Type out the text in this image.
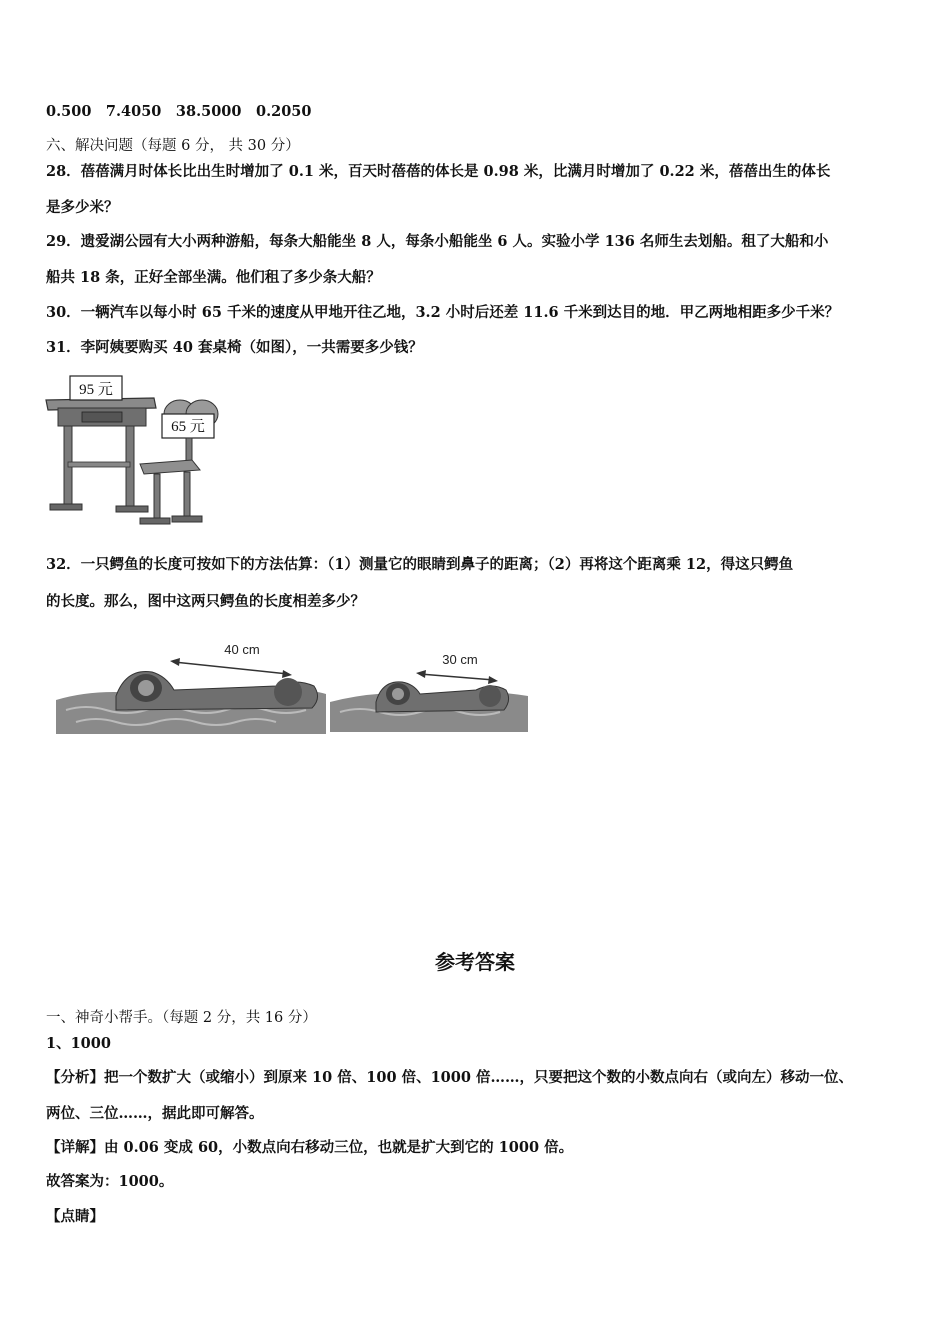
0.500　7.4050　38.5000　0.2050
六、解决问题（每题 6 分， 共 30 分）
28．蓓蓓满月时体长比出生时增加了 0.1 米，百天时蓓蓓的体长是 0.98 米，比满月时增加了 0.22 米，蓓蓓出生的体长
是多少米？
29．遗爱湖公园有大小两种游船，每条大船能坐 8 人，每条小船能坐 6 人。实验小学 136 名师生去划船。租了大船和小
船共 18 条，正好全部坐满。他们租了多少条大船？
30．一辆汽车以每小时 65 千米的速度从甲地开往乙地，3.2 小时后还差 11.6 千米到达目的地．甲乙两地相距多少千米？
31．李阿姨要购买 40 套桌椅（如图），一共需要多少钱？
95 元
65 元
32．一只鳄鱼的长度可按如下的方法估算：（1）测量它的眼睛到鼻子的距离；（2）再将这个距离乘 12，得这只鳄鱼
的长度。那么，图中这两只鳄鱼的长度相差多少？
40 cm
30 cm
参考答案
一、神奇小帮手。（每题 2 分，共 16 分）
1、1000
【分析】把一个数扩大（或缩小）到原来 10 倍、100 倍、1000 倍……，只要把这个数的小数点向右（或向左）移动一位、
两位、三位……，据此即可解答。
【详解】由 0.06 变成 60，小数点向右移动三位，也就是扩大到它的 1000 倍。
故答案为：1000。
【点睛】
